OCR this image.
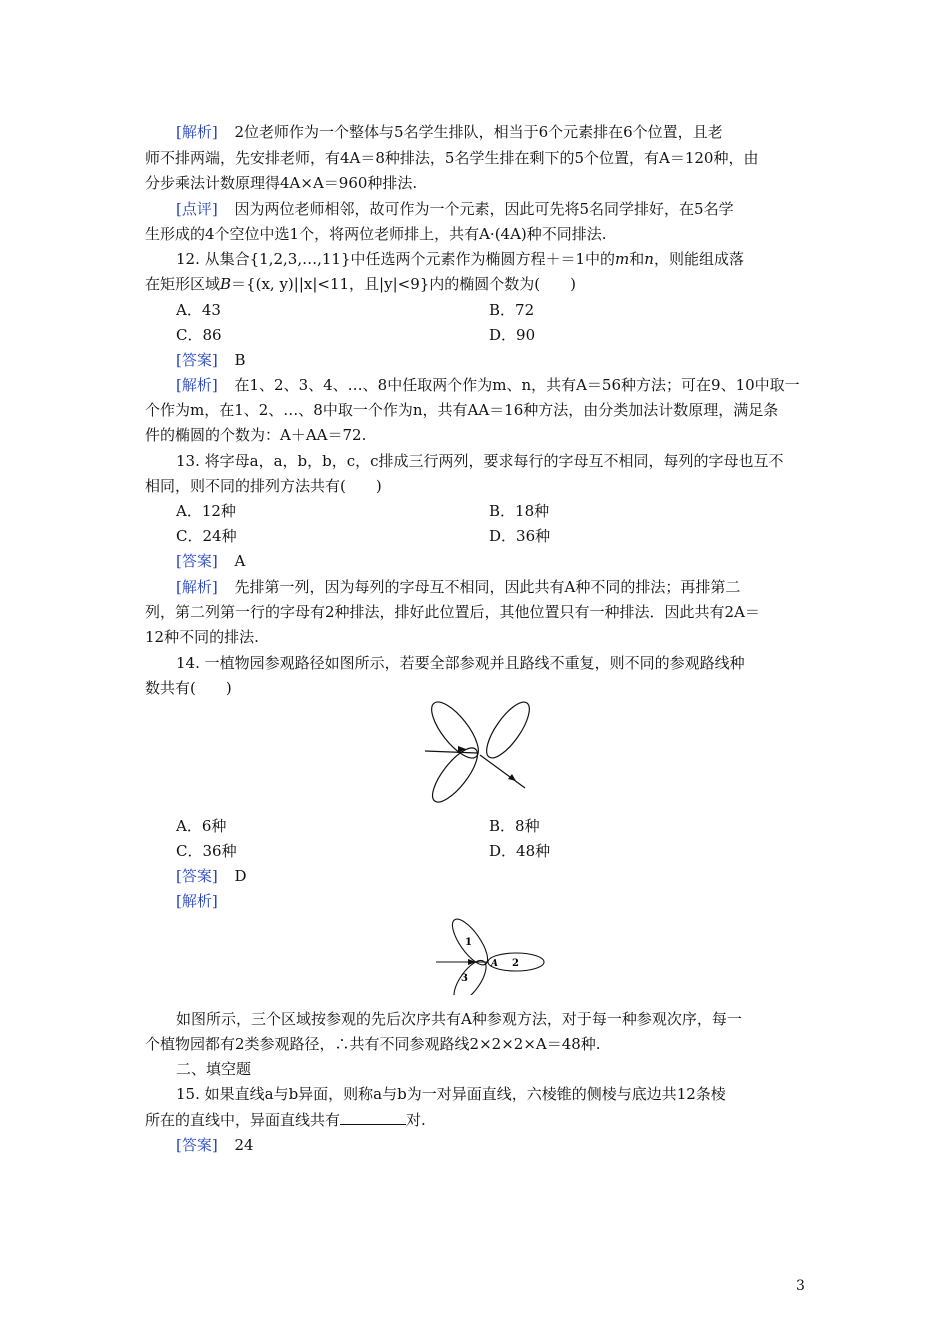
[解析] 2位老师作为一个整体与5名学生排队，相当于6个元素排在6个位置，且老
师不排两端，先安排老师，有4A＝8种排法，5名学生排在剩下的5个位置，有A＝120种，由
分步乘法计数原理得4A×A＝960种排法.
[点评] 因为两位老师相邻，故可作为一个元素，因此可先将5名同学排好，在5名学
生形成的4个空位中选1个，将两位老师排上，共有A·(4A)种不同排法.
12. 从集合{1,2,3,…,11}中任选两个元素作为椭圆方程＋＝1中的m和n，则能组成落
在矩形区域B＝{(x, y)||x|<11，且|y|<9}内的椭圆个数为(　　)
A．43	B．72
C．86	D．90
[答案] B
[解析] 在1、2、3、4、…、8中任取两个作为m、n，共有A＝56种方法；可在9、10中取一
个作为m，在1、2、…、8中取一个作为n，共有AA＝16种方法，由分类加法计数原理，满足条
件的椭圆的个数为：A＋AA＝72.
13. 将字母a，a，b，b，c，c排成三行两列，要求每行的字母互不相同，每列的字母也互不
相同，则不同的排列方法共有(　　)
A．12种	B．18种
C．24种	D．36种
[答案] A
[解析] 先排第一列，因为每列的字母互不相同，因此共有A种不同的排法；再排第二
列，第二列第一行的字母有2种排法，排好此位置后，其他位置只有一种排法．因此共有2A＝
12种不同的排法.
14. 一植物园参观路径如图所示，若要全部参观并且路线不重复，则不同的参观路线种
数共有(　　)
A．6种	B．8种
C．36种	D．48种
[答案] D
[解析]
1
2
3
A
如图所示，三个区域按参观的先后次序共有A种参观方法，对于每一种参观次序，每一
个植物园都有2类参观路径，∴共有不同参观路线2×2×2×A＝48种.
二、填空题
15. 如果直线a与b异面，则称a与b为一对异面直线，六棱锥的侧棱与底边共12条棱
所在的直线中，异面直线共有	对.
[答案] 24
3
